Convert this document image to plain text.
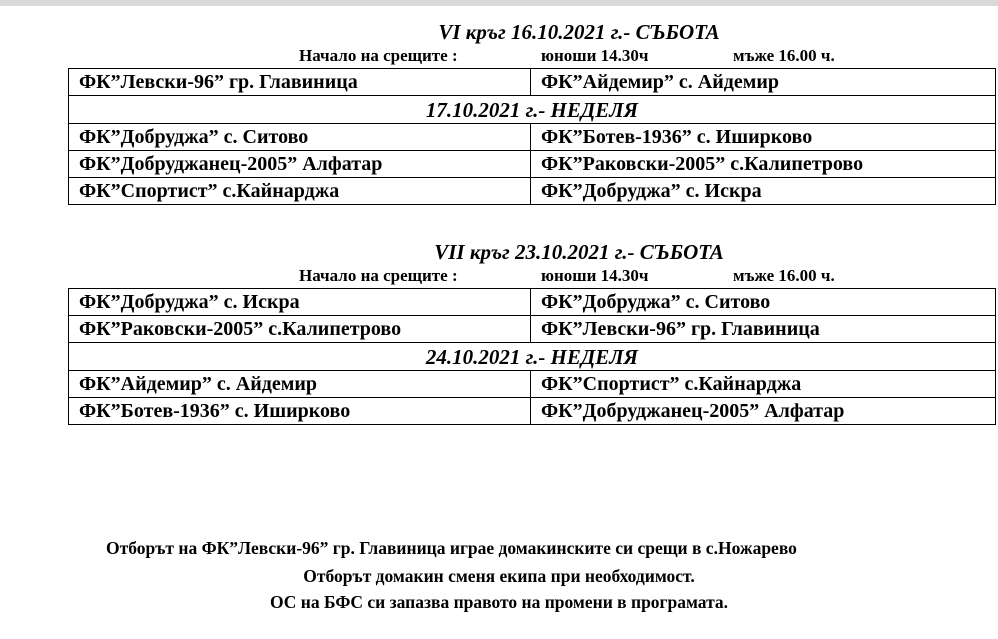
VI кръг 16.10.2021 г.- СЪБОТА
Начало на срещите :	юноши 14.30ч	мъже 16.00 ч.
ФК”Левски-96” гр. Главиница	ФК”Айдемир” с. Айдемир
17.10.2021 г.- НЕДЕЛЯ	
ФК”Добруджа” с. Ситово	ФК”Ботев-1936” с. Иширково
ФК”Добруджанец-2005” Алфатар	ФК”Раковски-2005” с.Калипетрово
ФК”Спортист” с.Кайнарджа	ФК”Добруджа” с. Искра
VII кръг 23.10.2021 г.- СЪБОТА
Начало на срещите :	юноши 14.30ч	мъже 16.00 ч.
ФК”Добруджа” с. Искра	ФК”Добруджа” с. Ситово
ФК”Раковски-2005” с.Калипетрово	ФК”Левски-96” гр. Главиница
24.10.2021 г.- НЕДЕЛЯ	
ФК”Айдемир” с. Айдемир	ФК”Спортист” с.Кайнарджа
ФК”Ботев-1936” с. Иширково	ФК”Добруджанец-2005” Алфатар
Отборът на ФК”Левски-96” гр. Главиница играе домакинските си срещи в с.Ножарево
Отборът домакин сменя екипа при необходимост.
ОС на БФС си запазва правото на промени в програмата.
